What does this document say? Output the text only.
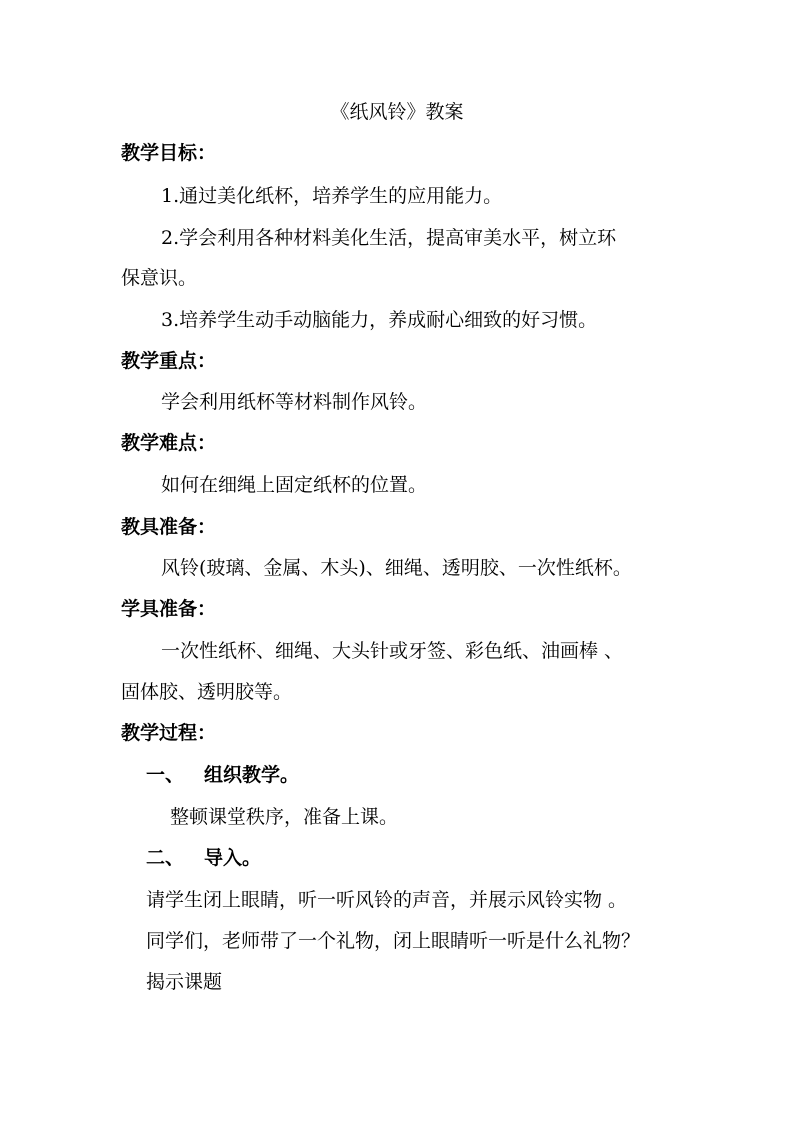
《纸风铃》教案
教学目标：
1.通过美化纸杯，培养学生的应用能力。
2.学会利用各种材料美化生活，提高审美水平，树立环
保意识。
3.培养学生动手动脑能力，养成耐心细致的好习惯。
教学重点：
学会利用纸杯等材料制作风铃。
教学难点：
如何在细绳上固定纸杯的位置。
教具准备：
风铃(玻璃、金属、木头)、细绳、透明胶、一次性纸杯。
学具准备：
一次性纸杯、细绳、大头针或牙签、彩色纸、油画棒 、
固体胶、透明胶等。
教学过程：
一、 组织教学。
整顿课堂秩序，准备上课。
二、 导入。
请学生闭上眼睛，听一听风铃的声音，并展示风铃实物 。
同学们，老师带了一个礼物，闭上眼睛听一听是什么礼物？
揭示课题
